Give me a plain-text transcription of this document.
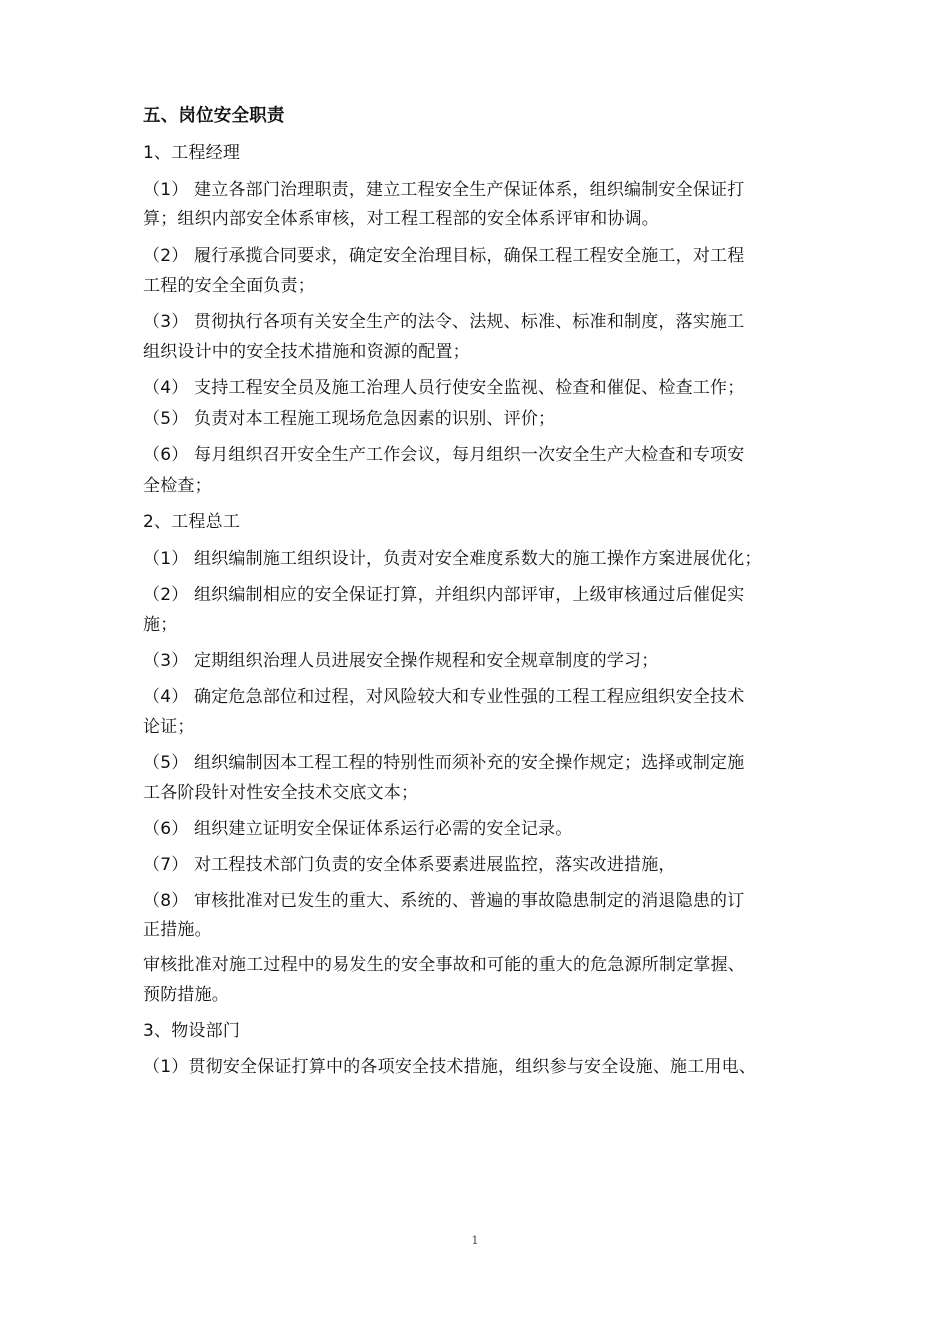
五、岗位安全职责
1、工程经理
（1） 建立各部门治理职责，建立工程安全生产保证体系，组织编制安全保证打
算；组织内部安全体系审核，对工程工程部的安全体系评审和协调。
（2） 履行承揽合同要求，确定安全治理目标，确保工程工程安全施工，对工程
工程的安全全面负责；
（3） 贯彻执行各项有关安全生产的法令、法规、标准、标准和制度，落实施工
组织设计中的安全技术措施和资源的配置；
（4） 支持工程安全员及施工治理人员行使安全监视、检查和催促、检查工作；
（5） 负责对本工程施工现场危急因素的识别、评价；
（6） 每月组织召开安全生产工作会议，每月组织一次安全生产大检查和专项安
全检查；
2、工程总工
（1） 组织编制施工组织设计，负责对安全难度系数大的施工操作方案进展优化；
（2） 组织编制相应的安全保证打算，并组织内部评审，上级审核通过后催促实
施；
（3） 定期组织治理人员进展安全操作规程和安全规章制度的学习；
（4） 确定危急部位和过程，对风险较大和专业性强的工程工程应组织安全技术
论证；
（5） 组织编制因本工程工程的特别性而须补充的安全操作规定；选择或制定施
工各阶段针对性安全技术交底文本；
（6） 组织建立证明安全保证体系运行必需的安全记录。
（7） 对工程技术部门负责的安全体系要素进展监控，落实改进措施，
（8） 审核批准对已发生的重大、系统的、普遍的事故隐患制定的消退隐患的订
正措施。
审核批准对施工过程中的易发生的安全事故和可能的重大的危急源所制定掌握、
预防措施。
3、物设部门
（1）贯彻安全保证打算中的各项安全技术措施，组织参与安全设施、施工用电、
1
